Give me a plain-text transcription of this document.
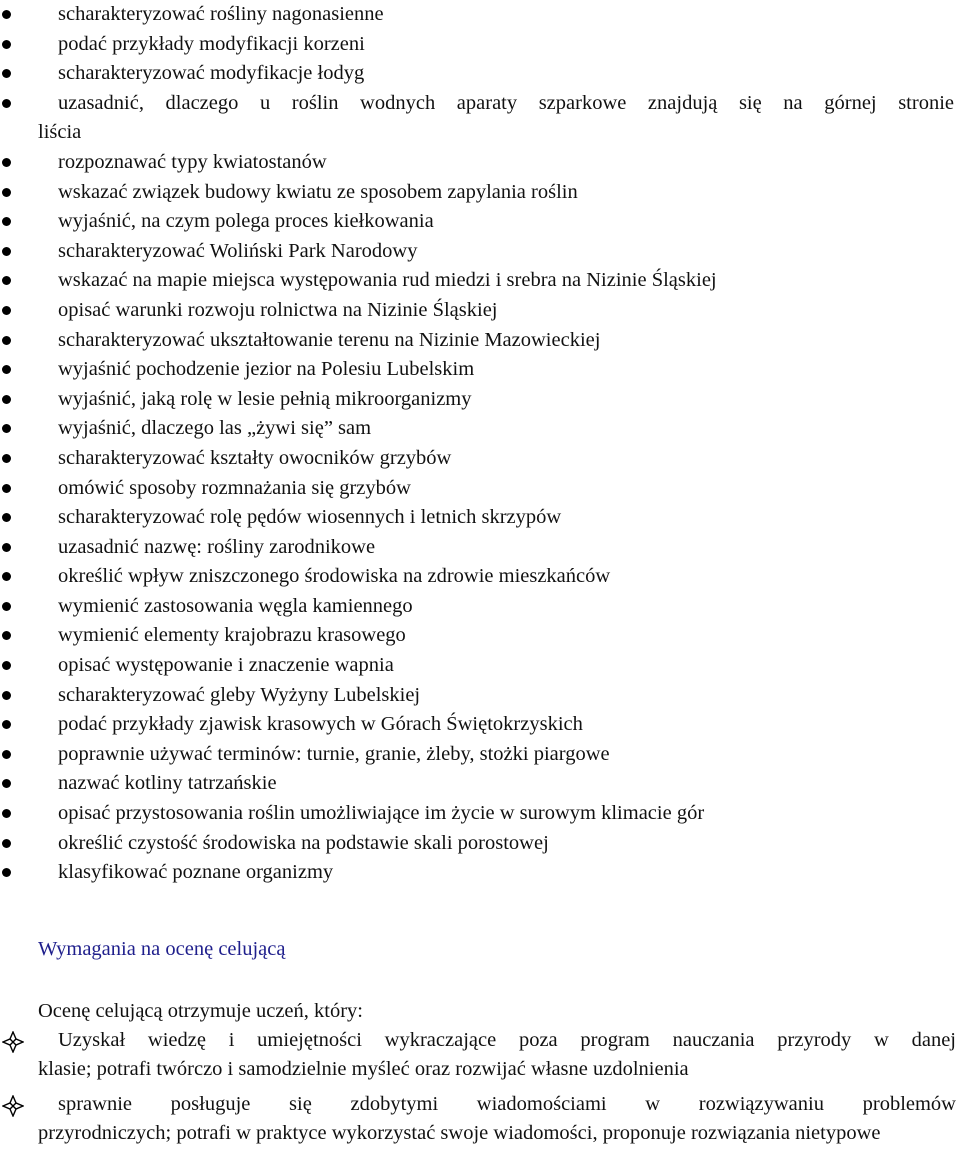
scharakteryzować rośliny nagonasienne
podać przykłady modyfikacji korzeni
scharakteryzować modyfikacje łodyg
uzasadnić, dlaczego u roślin wodnych aparaty szparkowe znajdują się na górnej stronie
liścia
rozpoznawać typy kwiatostanów
wskazać związek budowy kwiatu ze sposobem zapylania roślin
wyjaśnić, na czym polega proces kiełkowania
scharakteryzować Woliński Park Narodowy
wskazać na mapie miejsca występowania rud miedzi i srebra na Nizinie Śląskiej
opisać warunki rozwoju rolnictwa na Nizinie Śląskiej
scharakteryzować ukształtowanie terenu na Nizinie Mazowieckiej
wyjaśnić pochodzenie jezior na Polesiu Lubelskim
wyjaśnić, jaką rolę w lesie pełnią mikroorganizmy
wyjaśnić, dlaczego las „żywi się” sam
scharakteryzować kształty owocników grzybów
omówić sposoby rozmnażania się grzybów
scharakteryzować rolę pędów wiosennych i letnich skrzypów
uzasadnić nazwę: rośliny zarodnikowe
określić wpływ zniszczonego środowiska na zdrowie mieszkańców
wymienić zastosowania węgla kamiennego
wymienić elementy krajobrazu krasowego
opisać występowanie i znaczenie wapnia
scharakteryzować gleby Wyżyny Lubelskiej
podać przykłady zjawisk krasowych w Górach Świętokrzyskich
poprawnie używać terminów: turnie, granie, żleby, stożki piargowe
nazwać kotliny tatrzańskie
opisać przystosowania roślin umożliwiające im życie w surowym klimacie gór
określić czystość środowiska na podstawie skali porostowej
klasyfikować poznane organizmy
Wymagania na ocenę celującą
Ocenę celującą otrzymuje uczeń, który:
Uzyskał wiedzę i umiejętności wykraczające poza program nauczania przyrody w danej
klasie; potrafi twórczo i samodzielnie myśleć oraz rozwijać własne uzdolnienia
sprawnie posługuje się zdobytymi wiadomościami w rozwiązywaniu problemów
przyrodniczych; potrafi w praktyce wykorzystać swoje wiadomości, proponuje rozwiązania nietypowe
